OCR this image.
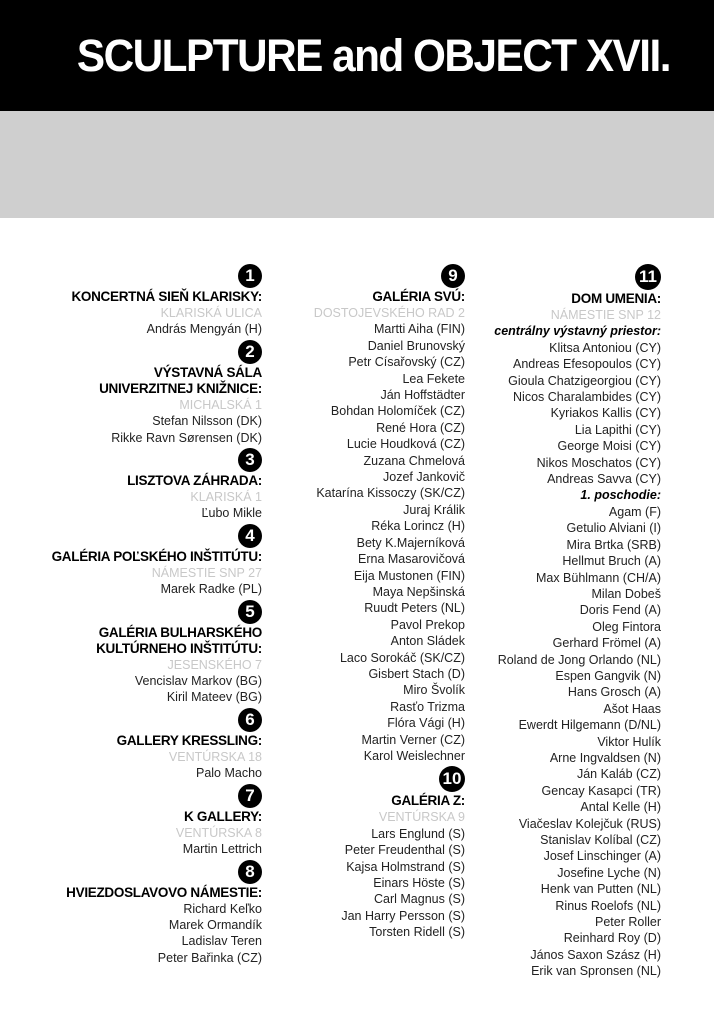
SCULPTURE and OBJECT XVII.
1
KONCERTNÁ SIEŇ KLARISKY:
KLARISKÁ ULICA
András Mengyán (H)
2
VÝSTAVNÁ SÁLA
UNIVERZITNEJ KNIŽNICE:
MICHALSKÁ 1
Stefan Nilsson (DK)
Rikke Ravn Sørensen (DK)
3
LISZTOVA ZÁHRADA:
KLARISKÁ 1
Ľubo Mikle
4
GALÉRIA POĽSKÉHO INŠTITÚTU:
NÁMESTIE SNP 27
Marek Radke (PL)
5
GALÉRIA BULHARSKÉHO
KULTÚRNEHO INŠTITÚTU:
JESENSKÉHO 7
Vencislav Markov (BG)
Kiril Mateev (BG)
6
GALLERY KRESSLING:
VENTÚRSKA 18
Palo Macho
7
K GALLERY:
VENTÚRSKA 8
Martin Lettrich
8
HVIEZDOSLAVOVO NÁMESTIE:
Richard Keľko
Marek Ormandík
Ladislav Teren
Peter Bařinka (CZ)
9
GALÉRIA SVÚ:
DOSTOJEVSKÉHO RAD 2
Martti Aiha (FIN)
Daniel Brunovský
Petr Císařovský (CZ)
Lea Fekete
Ján Hoffstädter
Bohdan Holomíček (CZ)
René Hora (CZ)
Lucie Houdková (CZ)
Zuzana Chmelová
Jozef Jankovič
Katarína Kissoczy (SK/CZ)
Juraj Králik
Réka Lorincz (H)
Bety K.Majerníková
Erna Masarovičová
Eija Mustonen (FIN)
Maya Nepšinská
Ruudt Peters (NL)
Pavol Prekop
Anton Sládek
Laco Sorokáč (SK/CZ)
Gisbert Stach (D)
Miro Švolík
Rasťo Trizma
Flóra Vági (H)
Martin Verner (CZ)
Karol Weislechner
10
GALÉRIA Z:
VENTÚRSKA 9
Lars Englund (S)
Peter Freudenthal (S)
Kajsa Holmstrand (S)
Einars Höste (S)
Carl Magnus (S)
Jan Harry Persson (S)
Torsten Ridell (S)
11
DOM UMENIA:
NÁMESTIE SNP 12
centrálny výstavný priestor:
Klitsa Antoniou (CY)
Andreas Efesopoulos (CY)
Gioula Chatzigeorgiou (CY)
Nicos Charalambides (CY)
Kyriakos Kallis (CY)
Lia Lapithi (CY)
George Moisi (CY)
Nikos Moschatos (CY)
Andreas Savva (CY)
1. poschodie:
Agam (F)
Getulio Alviani (I)
Mira Brtka (SRB)
Hellmut Bruch (A)
Max Bühlmann (CH/A)
Milan Dobeš
Doris Fend (A)
Oleg Fintora
Gerhard Frömel (A)
Roland de Jong Orlando (NL)
Espen Gangvik (N)
Hans Grosch (A)
Ašot Haas
Ewerdt Hilgemann (D/NL)
Viktor Hulík
Arne Ingvaldsen (N)
Ján Kaláb (CZ)
Gencay Kasapci (TR)
Antal Kelle (H)
Viačeslav Kolejčuk (RUS)
Stanislav Kolíbal (CZ)
Josef Linschinger (A)
Josefine Lyche (N)
Henk van Putten (NL)
Rinus Roelofs (NL)
Peter Roller
Reinhard Roy (D)
János Saxon Szász (H)
Erik van Spronsen (NL)
